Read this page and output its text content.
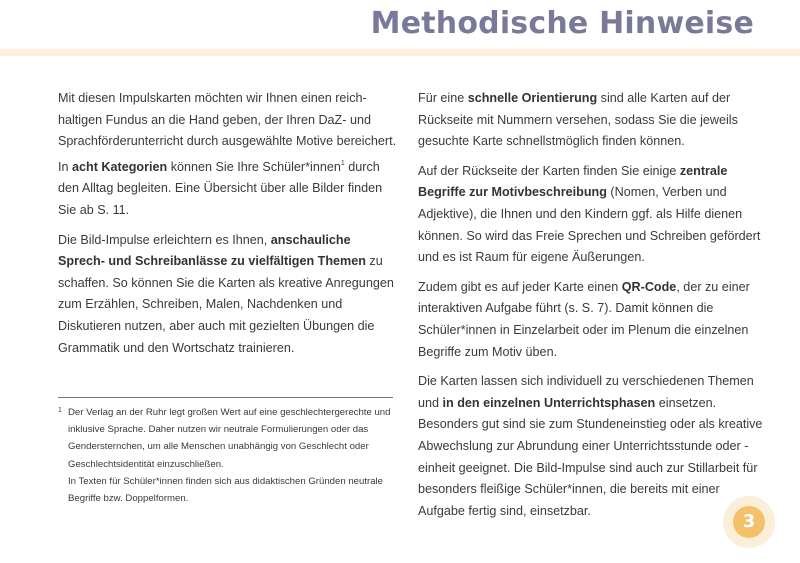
Methodische Hinweise

Mit diesen Impulskarten möchten wir Ihnen einen reichhaltigen Fundus an die Hand geben, der Ihren DaZ- und Sprachförderunterricht durch ausgewählte Motive bereichert. In acht Kategorien können Sie Ihre Schüler*innen$^1$ durch den Alltag begleiten. Eine Übersicht über alle Bilder finden Sie ab S. 11.

Die Bild-Impulse erleichtern es Ihnen, anschauliche Sprech- und Schreibanlässe zu vielfältigen Themen zu schaffen. So können Sie die Karten als kreative Anregungen zum Erzählen, Schreiben, Malen, Nachdenken und Diskutieren nutzen, aber auch mit gezielten Übungen die Grammatik und den Wortschatz trainieren.

1 Der Verlag an der Ruhr legt großen Wert auf eine geschlechtergerechte und inklusive Sprache. Daher nutzen wir neutrale Formulierungen oder das Gendersternchen, um alle Menschen unabhängig von Geschlecht oder Geschlechtsidentität einzuschließen.
In Texten für Schüler*innen finden sich aus didaktischen Gründen neutrale Begriffe bzw. Doppelformen.

Für eine schnelle Orientierung sind alle Karten auf der Rückseite mit Nummern versehen, sodass Sie die jeweils gesuchte Karte schnellstmöglich finden können.

Auf der Rückseite der Karten finden Sie einige zentrale Begriffe zur Motivbeschreibung (Nomen, Verben und Adjektive), die Ihnen und den Kindern ggf. als Hilfe dienen können. So wird das Freie Sprechen und Schreiben gefördert und es ist Raum für eigene Äußerungen.

Zudem gibt es auf jeder Karte einen QR-Code, der zu einer interaktiven Aufgabe führt (s. S. 7). Damit können die Schüler*innen in Einzelarbeit oder im Plenum die einzelnen Begriffe zum Motiv üben.

Die Karten lassen sich individuell zu verschiedenen Themen und in den einzelnen Unterrichtsphasen einsetzen. Besonders gut sind sie zum Stundeneinstieg oder als kreative Abwechslung zur Abrundung einer Unterrichtsstunde oder -einheit geeignet. Die Bild-Impulse sind auch zur Stillarbeit für besonders fleißige Schüler*innen, die bereits mit einer Aufgabe fertig sind, einsetzbar.

3
